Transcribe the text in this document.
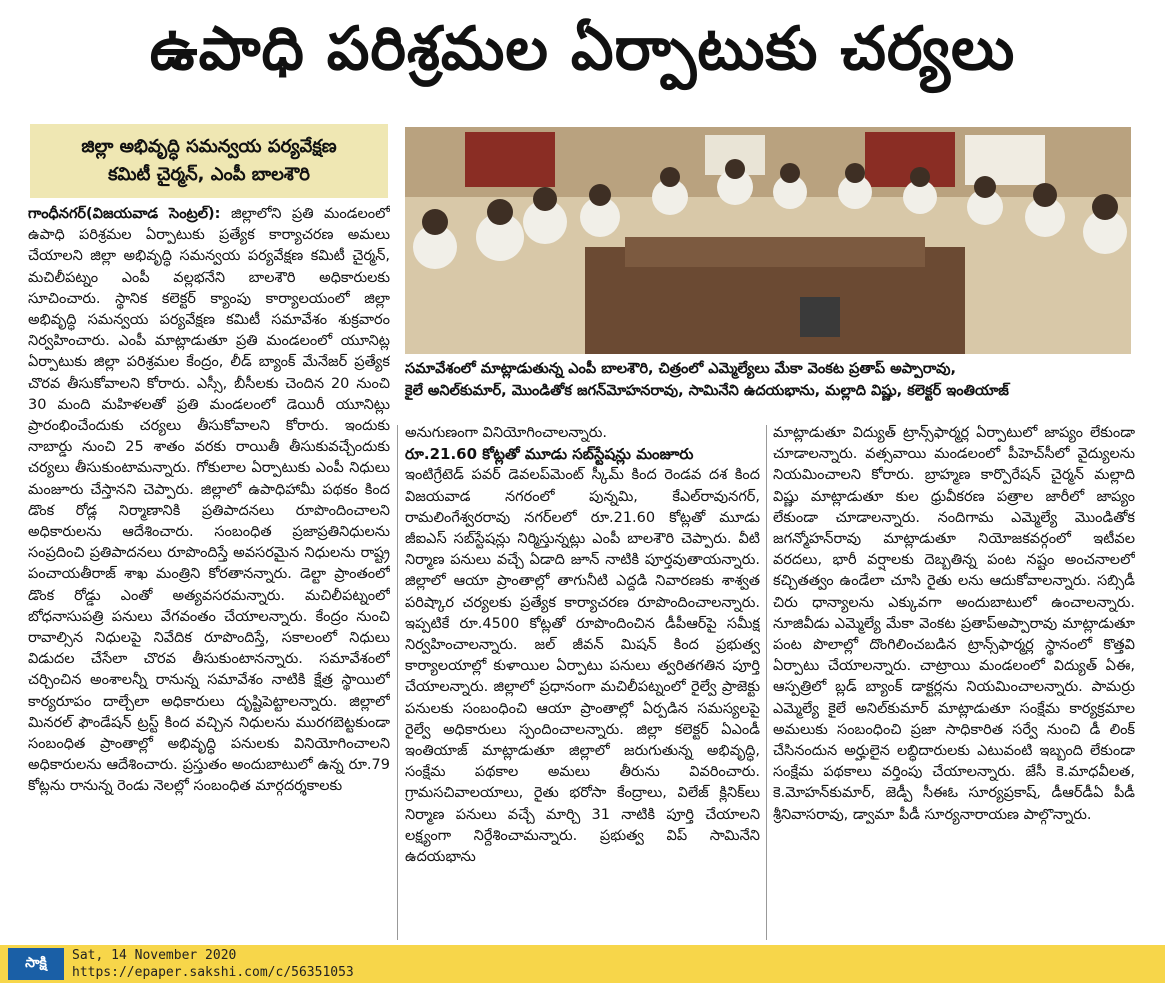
ఉపాధి పరిశ్రమల ఏర్పాటుకు చర్యలు
జిల్లా అభివృద్ధి సమన్వయ పర్యవేక్షణ
కమిటీ చైర్మన్, ఎంపీ బాలశౌరి

గాంధీనగర్(విజయవాడ సెంట్రల్): జిల్లాలోని ప్రతి మండలంలో ఉపాధి పరిశ్రమల ఏర్పాటుకు ప్రత్యేక కార్యాచరణ అమలు చేయాలని జిల్లా అభివృద్ధి సమన్వయ పర్యవేక్షణ కమిటీ చైర్మన్, మచిలీపట్నం ఎంపీ వల్లభనేని బాలశౌరి అధికారులకు సూచించారు. స్థానిక కలెక్టర్ క్యాంపు కార్యాలయంలో జిల్లా అభివృద్ధి సమన్వయ పర్యవేక్షణ కమిటీ సమావేశం శుక్రవారం నిర్వహించారు. ఎంపీ మాట్లాడుతూ ప్రతి మండలంలో యూనిట్ల ఏర్పాటుకు జిల్లా పరిశ్రమల కేంద్రం, లీడ్ బ్యాంక్ మేనేజర్ ప్రత్యేక చొరవ తీసుకోవాలని కోరారు. ఎస్సీ, బీసీలకు చెందిన 20 నుంచి 30 మంది మహిళలతో ప్రతి మండలంలో డెయిరీ యూనిట్లు ప్రారంభించేందుకు చర్యలు తీసుకోవాలని కోరారు. ఇందుకు నాబార్డు నుంచి 25 శాతం వరకు రాయితీ తీసుకువచ్చేందుకు చర్యలు తీసుకుంటామన్నారు. గోకులాల ఏర్పాటుకు ఎంపీ నిధులు మంజూరు చేస్తానని చెప్పారు. జిల్లాలో ఉపాధిహామీ పథకం కింద డొంక రోడ్ల నిర్మాణానికి ప్రతిపాదనలు రూపొందించాలని అధికారులను ఆదేశించారు. సంబంధిత ప్రజాప్రతినిధులను సంప్రదించి ప్రతిపాదనలు రూపొందిస్తే అవసరమైన నిధులను రాష్ట్ర పంచాయతీరాజ్ శాఖ మంత్రిని కోరతానన్నారు. డెల్టా ప్రాంతంలో డొంక రోడ్డు ఎంతో అత్యవసరమన్నారు. మచిలీపట్నంలో బోధనాసుపత్రి పనులు వేగవంతం చేయాలన్నారు. కేంద్రం నుంచి రావాల్సిన నిధులపై నివేదిక రూపొందిస్తే, సకాలంలో నిధులు విడుదల చేసేలా చొరవ తీసుకుంటానన్నారు. సమావేశంలో చర్చించిన అంశాలన్నీ రానున్న సమావేశం నాటికి క్షేత్ర స్థాయిలో కార్యరూపం దాల్చేలా అధికారులు దృష్టిపెట్టాలన్నారు. జిల్లాలో మినరల్ ఫౌండేషన్ ట్రస్ట్ కింద వచ్చిన నిధులను మురగబెట్టకుండా సంబంధిత ప్రాంతాల్లో అభివృద్ధి పనులకు వినియోగించాలని అధికారులను ఆదేశించారు. ప్రస్తుతం అందుబాటులో ఉన్న రూ.79 కోట్లను రానున్న రెండు నెలల్లో సంబంధిత మార్గదర్శకాలకు

సమావేశంలో మాట్లాడుతున్న ఎంపీ బాలశౌరి, చిత్రంలో ఎమ్మెల్యేలు మేకా వెంకట ప్రతాప్ అప్పారావు,
కైలే అనిల్‌కుమార్, మొండితోక జగన్‌మోహనరావు, సామినేని ఉదయభాను, మల్లాది విష్ణు, కలెక్టర్ ఇంతియాజ్

అనుగుణంగా వినియోగించాలన్నారు.

రూ.21.60 కోట్లతో మూడు సబ్‌స్టేషన్లు మంజూరు

ఇంటిగ్రేటెడ్ పవర్ డెవలప్‌మెంట్ స్కీమ్ కింద రెండవ దశ కింద విజయవాడ నగరంలో పున్నమి, కేఎల్‌రావునగర్, రామలింగేశ్వరరావు నగర్‌లలో రూ.21.60 కోట్లతో మూడు జీఐఎస్ సబ్‌స్టేషన్లు నిర్మిస్తున్నట్లు ఎంపీ బాలశౌరి చెప్పారు. వీటి నిర్మాణ పనులు వచ్చే ఏడాది జూన్ నాటికి పూర్తవుతాయన్నారు. జిల్లాలో ఆయా ప్రాంతాల్లో తాగునీటి ఎద్దడి నివారణకు శాశ్వత పరిష్కార చర్యలకు ప్రత్యేక కార్యాచరణ రూపొందించాలన్నారు. ఇప్పటికే రూ.4500 కోట్లతో రూపొందించిన డీపీఆర్‌పై సమీక్ష నిర్వహించాలన్నారు. జల్ జీవన్ మిషన్ కింద ప్రభుత్వ కార్యాలయాల్లో కుళాయిల ఏర్పాటు పనులు త్వరితగతిన పూర్తి చేయాలన్నారు. జిల్లాలో ప్రధానంగా మచిలీపట్నంలో రైల్వే ప్రాజెక్టు పనులకు సంబంధించి ఆయా ప్రాంతాల్లో ఏర్పడిన సమస్యలపై రైల్వే అధికారులు స్పందించాలన్నారు. జిల్లా కలెక్టర్ ఏఎండీ ఇంతియాజ్ మాట్లాడుతూ జిల్లాలో జరుగుతున్న అభివృద్ధి, సంక్షేమ పథకాల అమలు తీరును వివరించారు. గ్రామసచివాలయాలు, రైతు భరోసా కేంద్రాలు, విలేజ్ క్లినిక్‌లు నిర్మాణ పనులు వచ్చే మార్చి 31 నాటికి పూర్తి చేయాలని లక్ష్యంగా నిర్దేశించామన్నారు. ప్రభుత్వ విప్ సామినేని ఉదయభాను

మాట్లాడుతూ విద్యుత్ ట్రాన్స్‌ఫార్మర్ల ఏర్పాటులో జాప్యం లేకుండా చూడాలన్నారు. వత్సవాయి మండలంలో పీహెచ్‌సీలో వైద్యులను నియమించాలని కోరారు. బ్రాహ్మణ కార్పొరేషన్ చైర్మన్ మల్లాది విష్ణు మాట్లాడుతూ కుల ధ్రువీకరణ పత్రాల జారీలో జాప్యం లేకుండా చూడాలన్నారు. నందిగామ ఎమ్మెల్యే మొండితోక జగన్మోహన్‌రావు మాట్లాడుతూ నియోజకవర్గంలో ఇటీవల వరదలు, భారీ వర్షాలకు దెబ్బతిన్న పంట నష్టం అంచనాలలో కచ్చితత్వం ఉండేలా చూసి రైతు లను ఆదుకోవాలన్నారు. సబ్సిడీ చిరు ధాన్యాలను ఎక్కువగా అందుబాటులో ఉంచాలన్నారు. నూజివీడు ఎమ్మెల్యే మేకా వెంకట ప్రతాప్‌అప్పారావు మాట్లాడుతూ పంట పొలాల్లో దొంగిలించబడిన ట్రాన్స్‌ఫార్మర్ల స్థానంలో కొత్తవి ఏర్పాటు చేయాలన్నారు. చాట్రాయి మండలంలో విద్యుత్ ఏఈ, ఆస్పత్రిలో బ్లడ్ బ్యాంక్ డాక్టర్లను నియమించాలన్నారు. పామర్రు ఎమ్మెల్యే కైలే అనిల్‌కుమార్ మాట్లాడుతూ సంక్షేమ కార్యక్రమాల అమలుకు సంబంధించి ప్రజా సాధికారిత సర్వే నుంచి డీ లింక్ చేసినందున అర్హులైన లబ్ధిదారులకు ఎటువంటి ఇబ్బంది లేకుండా సంక్షేమ పథకాలు వర్తింపు చేయాలన్నారు. జేసీ కె.మాధవీలత, కె.మోహన్‌కుమార్, జెడ్పీ సీఈఓ సూర్యప్రకాష్, డీఆర్‌డీఏ పీడీ శ్రీనివాసరావు, డ్వామా పీడీ సూర్యనారాయణ పాల్గొన్నారు.

సాక్షి	Sat, 14 November 2020
https://epaper.sakshi.com/c/56351053
